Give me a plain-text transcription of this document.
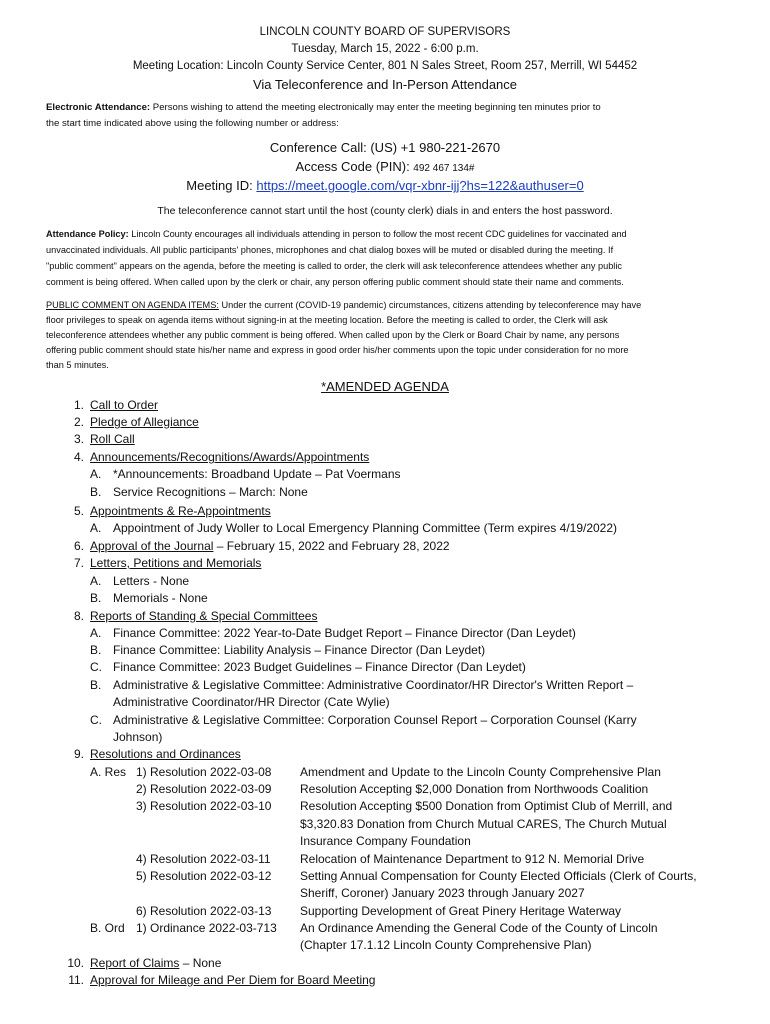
LINCOLN COUNTY BOARD OF SUPERVISORS
Tuesday, March 15, 2022 - 6:00 p.m.
Meeting Location: Lincoln County Service Center, 801 N Sales Street, Room 257, Merrill, WI 54452
Via Teleconference and In-Person Attendance
Electronic Attendance: Persons wishing to attend the meeting electronically may enter the meeting beginning ten minutes prior to
the start time indicated above using the following number or address:
Conference Call: (US) +1 980-221-2670
Access Code (PIN): 492 467 134#
Meeting ID: https://meet.google.com/vqr-xbnr-ijj?hs=122&authuser=0
The teleconference cannot start until the host (county clerk) dials in and enters the host password.
Attendance Policy: Lincoln County encourages all individuals attending in person to follow the most recent CDC guidelines for vaccinated and
unvaccinated individuals. All public participants' phones, microphones and chat dialog boxes will be muted or disabled during the meeting. If
"public comment" appears on the agenda, before the meeting is called to order, the clerk will ask teleconference attendees whether any public
comment is being offered. When called upon by the clerk or chair, any person offering public comment should state their name and comments.
PUBLIC COMMENT ON AGENDA ITEMS: Under the current (COVID-19 pandemic) circumstances, citizens attending by teleconference may have
floor privileges to speak on agenda items without signing-in at the meeting location. Before the meeting is called to order, the Clerk will ask
teleconference attendees whether any public comment is being offered. When called upon by the Clerk or Board Chair by name, any persons
offering public comment should state his/her name and express in good order his/her comments upon the topic under consideration for no more
than 5 minutes.
*AMENDED AGENDA
1. Call to Order
2. Pledge of Allegiance
3. Roll Call
4. Announcements/Recognitions/Awards/Appointments
A. *Announcements: Broadband Update – Pat Voermans
B. Service Recognitions – March: None
5. Appointments & Re-Appointments
A. Appointment of Judy Woller to Local Emergency Planning Committee (Term expires 4/19/2022)
6. Approval of the Journal – February 15, 2022 and February 28, 2022
7. Letters, Petitions and Memorials
A. Letters - None
B. Memorials - None
8. Reports of Standing & Special Committees
A. Finance Committee: 2022 Year-to-Date Budget Report – Finance Director (Dan Leydet)
B. Finance Committee: Liability Analysis – Finance Director (Dan Leydet)
C. Finance Committee: 2023 Budget Guidelines – Finance Director (Dan Leydet)
B. Administrative & Legislative Committee: Administrative Coordinator/HR Director's Written Report –
Administrative Coordinator/HR Director (Cate Wylie)
C. Administrative & Legislative Committee: Corporation Counsel Report – Corporation Counsel (Karry
Johnson)
9. Resolutions and Ordinances
A. Res 1) Resolution 2022-03-08 Amendment and Update to the Lincoln County Comprehensive Plan
2) Resolution 2022-03-09 Resolution Accepting $2,000 Donation from Northwoods Coalition
3) Resolution 2022-03-10 Resolution Accepting $500 Donation from Optimist Club of Merrill, and
$3,320.83 Donation from Church Mutual CARES, The Church Mutual
Insurance Company Foundation
4) Resolution 2022-03-11 Relocation of Maintenance Department to 912 N. Memorial Drive
5) Resolution 2022-03-12 Setting Annual Compensation for County Elected Officials (Clerk of Courts,
Sheriff, Coroner) January 2023 through January 2027
6) Resolution 2022-03-13 Supporting Development of Great Pinery Heritage Waterway
B. Ord 1) Ordinance 2022-03-713 An Ordinance Amending the General Code of the County of Lincoln
(Chapter 17.1.12 Lincoln County Comprehensive Plan)
10. Report of Claims – None
11. Approval for Mileage and Per Diem for Board Meeting
